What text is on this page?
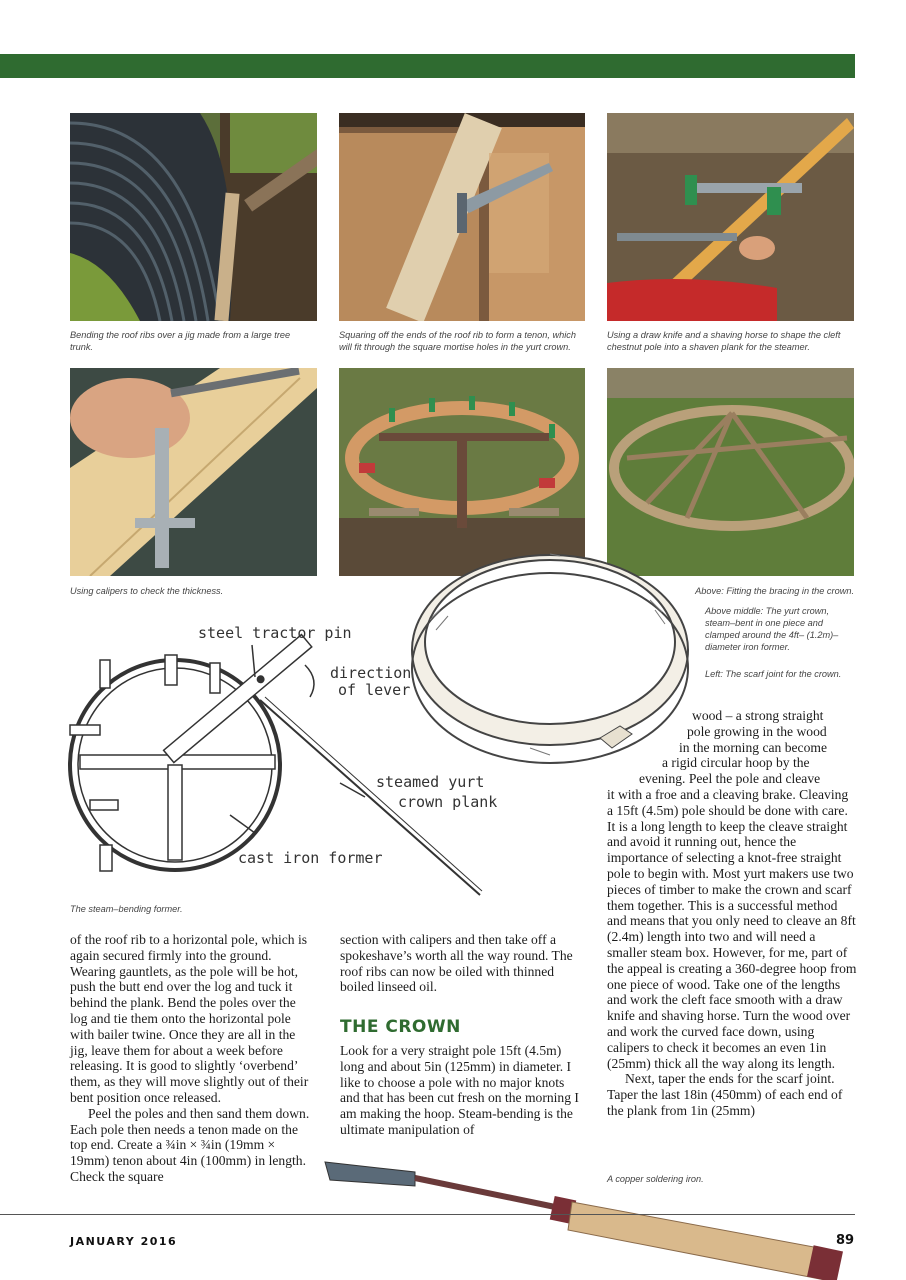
Bending the roof ribs over a jig made from a large tree trunk.
Squaring off the ends of the roof rib to form a tenon, which will fit through the square mortise holes in the yurt crown.
Using a draw knife and a shaving horse to shape the cleft chestnut pole into a shaven plank for the steamer.
Using calipers to check the thickness.	Above: Fitting the bracing in the crown.
Above middle: The yurt crown, steam–bent in one piece and clamped around the 4ft– (1.2m)– diameter iron former.
Left: The scarf joint for the crown.
The steam–bending former.
A copper soldering iron.
steel tractor pin
direction
of lever
steamed yurt
crown plank
cast iron former

of the roof rib to a horizontal pole, which is again secured firmly into the ground. Wearing gauntlets, as the pole will be hot, push the butt end over the log and tuck it behind the plank. Bend the poles over the log and tie them onto the horizontal pole with bailer twine. Once they are all in the jig, leave them for about a week before releasing. It is good to slightly ‘overbend’ them, as they will move slightly out of their bent position once released.

Peel the poles and then sand them down. Each pole then needs a tenon made on the top end. Create a ¾in × ¾in (19mm × 19mm) tenon about 4in (100mm) in length. Check the square

section with calipers and then take off a spokeshave’s worth all the way round. The roof ribs can now be oiled with thinned boiled linseed oil.

THE CROWN

Look for a very straight pole 15ft (4.5m) long and about 5in (125mm) in diameter. I like to choose a pole with no major knots and that has been cut fresh on the morning I am making the hoop. Steam-bending is the ultimate manipulation of

wood – a strong straight

pole growing in the wood

in the morning can become

a rigid circular hoop by the

evening. Peel the pole and cleave

it with a froe and a cleaving brake. Cleaving a 15ft (4.5m) pole should be done with care. It is a long length to keep the cleave straight and avoid it running out, hence the importance of selecting a knot-free straight pole to begin with. Most yurt makers use two pieces of timber to make the crown and scarf them together. This is a successful method and means that you only need to cleave an 8ft (2.4m) length into two and will need a smaller steam box. However, for me, part of the appeal is creating a 360-degree hoop from one piece of wood. Take one of the lengths and work the cleft face smooth with a draw knife and shaving horse. Turn the wood over and work the curved face down, using calipers to check it becomes an even 1in (25mm) thick all the way along its length.

Next, taper the ends for the scarf joint. Taper the last 18in (450mm) of each end of the plank from 1in (25mm)

JANUARY 2016	89
